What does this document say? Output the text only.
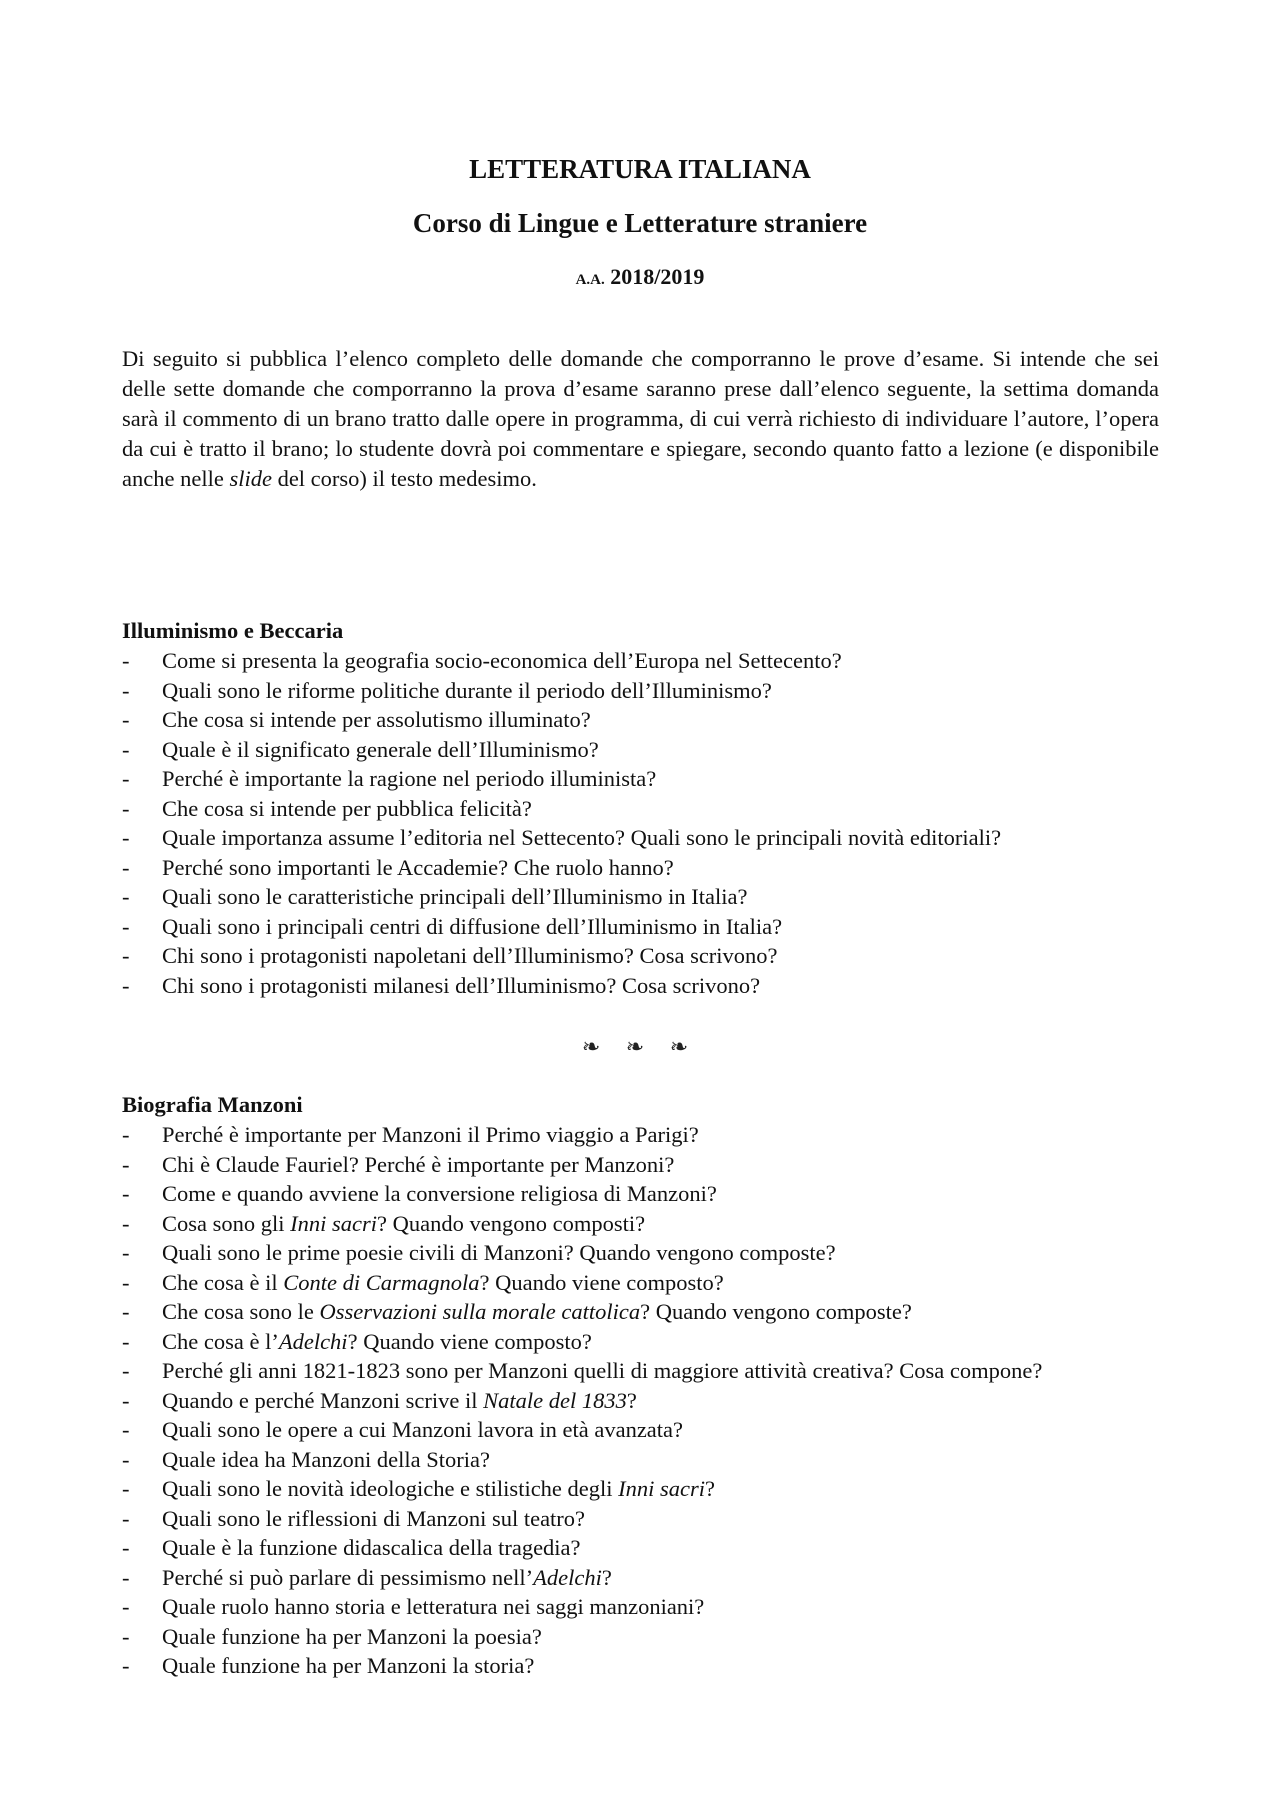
LETTERATURA ITALIANA
Corso di Lingue e Letterature straniere
A.A. 2018/2019

Di seguito si pubblica l’elenco completo delle domande che comporranno le prove d’esame. Si intende che sei delle sette domande che comporranno la prova d’esame saranno prese dall’elenco seguente, la settima domanda sarà il commento di un brano tratto dalle opere in programma, di cui verrà richiesto di individuare l’autore, l’opera da cui è tratto il brano; lo studente dovrà poi commentare e spiegare, secondo quanto fatto a lezione (e disponibile anche nelle slide del corso) il testo medesimo.

Illuminismo e Beccaria
- Come si presenta la geografia socio-economica dell’Europa nel Settecento?
- Quali sono le riforme politiche durante il periodo dell’Illuminismo?
- Che cosa si intende per assolutismo illuminato?
- Quale è il significato generale dell’Illuminismo?
- Perché è importante la ragione nel periodo illuminista?
- Che cosa si intende per pubblica felicità?
- Quale importanza assume l’editoria nel Settecento? Quali sono le principali novità editoriali?
- Perché sono importanti le Accademie? Che ruolo hanno?
- Quali sono le caratteristiche principali dell’Illuminismo in Italia?
- Quali sono i principali centri di diffusione dell’Illuminismo in Italia?
- Chi sono i protagonisti napoletani dell’Illuminismo? Cosa scrivono?
- Chi sono i protagonisti milanesi dell’Illuminismo? Cosa scrivono?
❧ ❧ ❧
Biografia Manzoni
- Perché è importante per Manzoni il Primo viaggio a Parigi?
- Chi è Claude Fauriel? Perché è importante per Manzoni?
- Come e quando avviene la conversione religiosa di Manzoni?
- Cosa sono gli Inni sacri? Quando vengono composti?
- Quali sono le prime poesie civili di Manzoni? Quando vengono composte?
- Che cosa è il Conte di Carmagnola? Quando viene composto?
- Che cosa sono le Osservazioni sulla morale cattolica? Quando vengono composte?
- Che cosa è l’Adelchi? Quando viene composto?
- Perché gli anni 1821-1823 sono per Manzoni quelli di maggiore attività creativa? Cosa compone?
- Quando e perché Manzoni scrive il Natale del 1833?
- Quali sono le opere a cui Manzoni lavora in età avanzata?
- Quale idea ha Manzoni della Storia?
- Quali sono le novità ideologiche e stilistiche degli Inni sacri?
- Quali sono le riflessioni di Manzoni sul teatro?
- Quale è la funzione didascalica della tragedia?
- Perché si può parlare di pessimismo nell’Adelchi?
- Quale ruolo hanno storia e letteratura nei saggi manzoniani?
- Quale funzione ha per Manzoni la poesia?
- Quale funzione ha per Manzoni la storia?
